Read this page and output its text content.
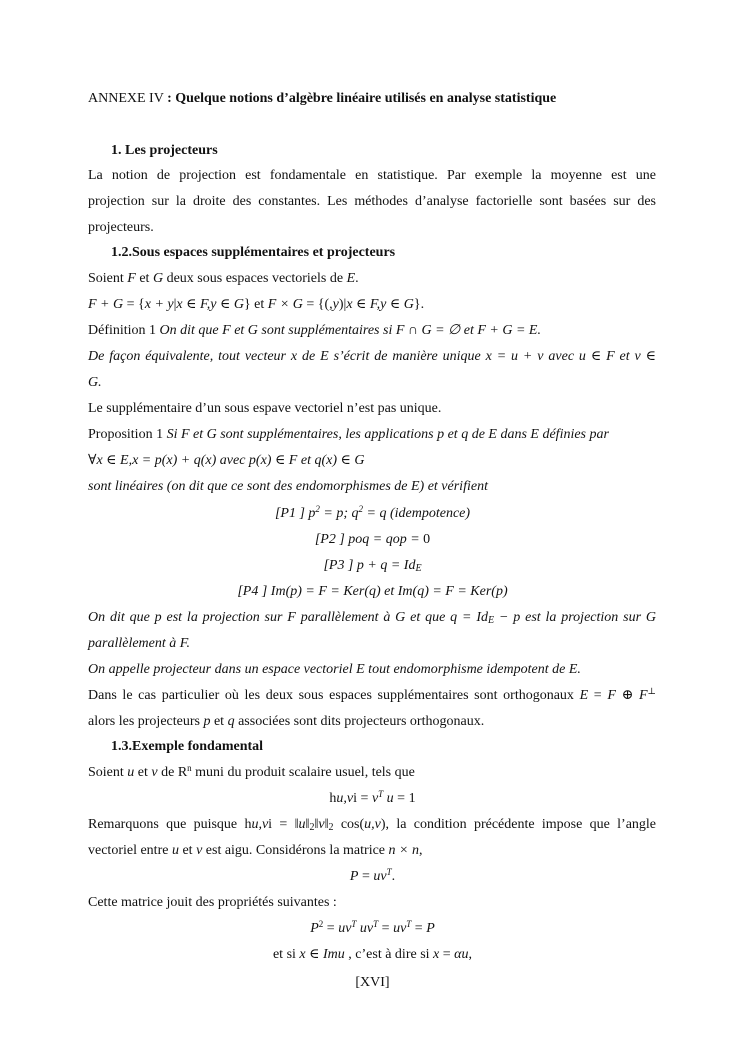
ANNEXE IV : Quelque notions d’algèbre linéaire utilisés en analyse statistique
1. Les projecteurs
La notion de projection est fondamentale en statistique. Par exemple la moyenne est une
projection sur la droite des constantes. Les méthodes d’analyse factorielle sont basées sur des
projecteurs.
1.2.Sous espaces supplémentaires et projecteurs
Soient F et G deux sous espaces vectoriels de E.
F + G = {x + y|x ∈ F,y ∈ G} et F × G = {(,y)|x ∈ F,y ∈ G}.
Définition 1 On dit que F et G sont supplémentaires si F ∩ G = ∅ et F + G = E.
De façon équivalente, tout vecteur x de E s’écrit de manière unique x = u + v avec u ∈ F et v ∈
G.
Le supplémentaire d’un sous espave vectoriel n’est pas unique.
Proposition 1 Si F et G sont supplémentaires, les applications p et q de E dans E définies par
∀x ∈ E,x = p(x) + q(x) avec p(x) ∈ F et q(x) ∈ G
sont linéaires (on dit que ce sont des endomorphismes de E) et vérifient
[P1 ] $p^2 = p$; $q^2 = q$ (idempotence)
[P2 ] poq = qop = 0
[P3 ] p + q = IdE
[P4 ] Im(p) = F = Ker(q) et Im(q) = F = Ker(p)
On dit que p est la projection sur F parallèlement à G et que q = IdE − p est la projection sur G
parallèlement à F.
On appelle projecteur dans un espace vectoriel E tout endomorphisme idempotent de E.
Dans le cas particulier où les deux sous espaces supplémentaires sont orthogonaux E = F ⊕ F⊥
alors les projecteurs p et q associées sont dits projecteurs orthogonaux.
1.3.Exemple fondamental
Soient u et v de $R^n$ muni du produit scalaire usuel, tels que
$hu,vi = v^T$ u = 1
Remarquons que puisque hu,vi = ‖u‖2‖v‖2 cos(u,v), la condition précédente impose que l’angle
vectoriel entre u et v est aigu. Considérons la matrice n × n,
$P = uv^T$.
Cette matrice jouit des propriétés suivantes :
$P^2 = uv^T$ $uv^T = uv^T = P$
et si x ∈ Imu , c’est à dire si x = αu,
[XVI]
